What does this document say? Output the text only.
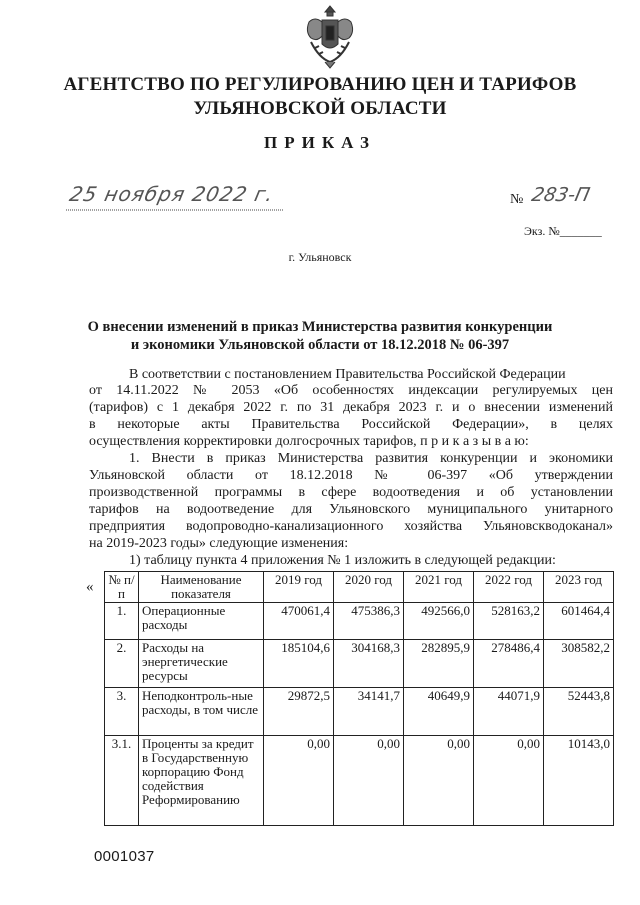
АГЕНТСТВО ПО РЕГУЛИРОВАНИЮ ЦЕН И ТАРИФОВ
УЛЬЯНОВСКОЙ ОБЛАСТИ
ПРИКАЗ
25 ноября 2022 г.	№ 283-П
Экз. №_______
г. Ульяновск
О внесении изменений в приказ Министерства развития конкуренции
и экономики Ульяновской области от 18.12.2018 № 06-397
В соответствии с постановлением Правительства Российской Федерации
от 14.11.2022 № 2053 «Об особенностях индексации регулируемых цен
(тарифов) с 1 декабря 2022 г. по 31 декабря 2023 г. и о внесении изменений
в некоторые акты Правительства Российской Федерации», в целях
осуществления корректировки долгосрочных тарифов, п р и к а з ы в а ю:
1. Внести в приказ Министерства развития конкуренции и экономики
Ульяновской области от 18.12.2018 № 06-397 «Об утверждении
производственной программы в сфере водоотведения и об установлении
тарифов на водоотведение для Ульяновского муниципального унитарного
предприятия водопроводно-канализационного хозяйства Ульяновскводоканал»
на 2019-2023 годы» следующие изменения:
1) таблицу пункта 4 приложения № 1 изложить в следующей редакции:
« № п/п	Наименование показателя	2019 год	2020 год	2021 год	2022 год	2023 год
1.	Операционные расходы	470061,4	475386,3	492566,0	528163,2	601464,4
2.	Расходы на энергетические ресурсы	185104,6	304168,3	282895,9	278486,4	308582,2
3.	Неподконтроль-ные расходы, в том числе	29872,5	34141,7	40649,9	44071,9	52443,8
3.1.	Проценты за кредит в Государственную корпорацию Фонд содействия Реформированию	0,00	0,00	0,00	0,00	10143,0
0001037
